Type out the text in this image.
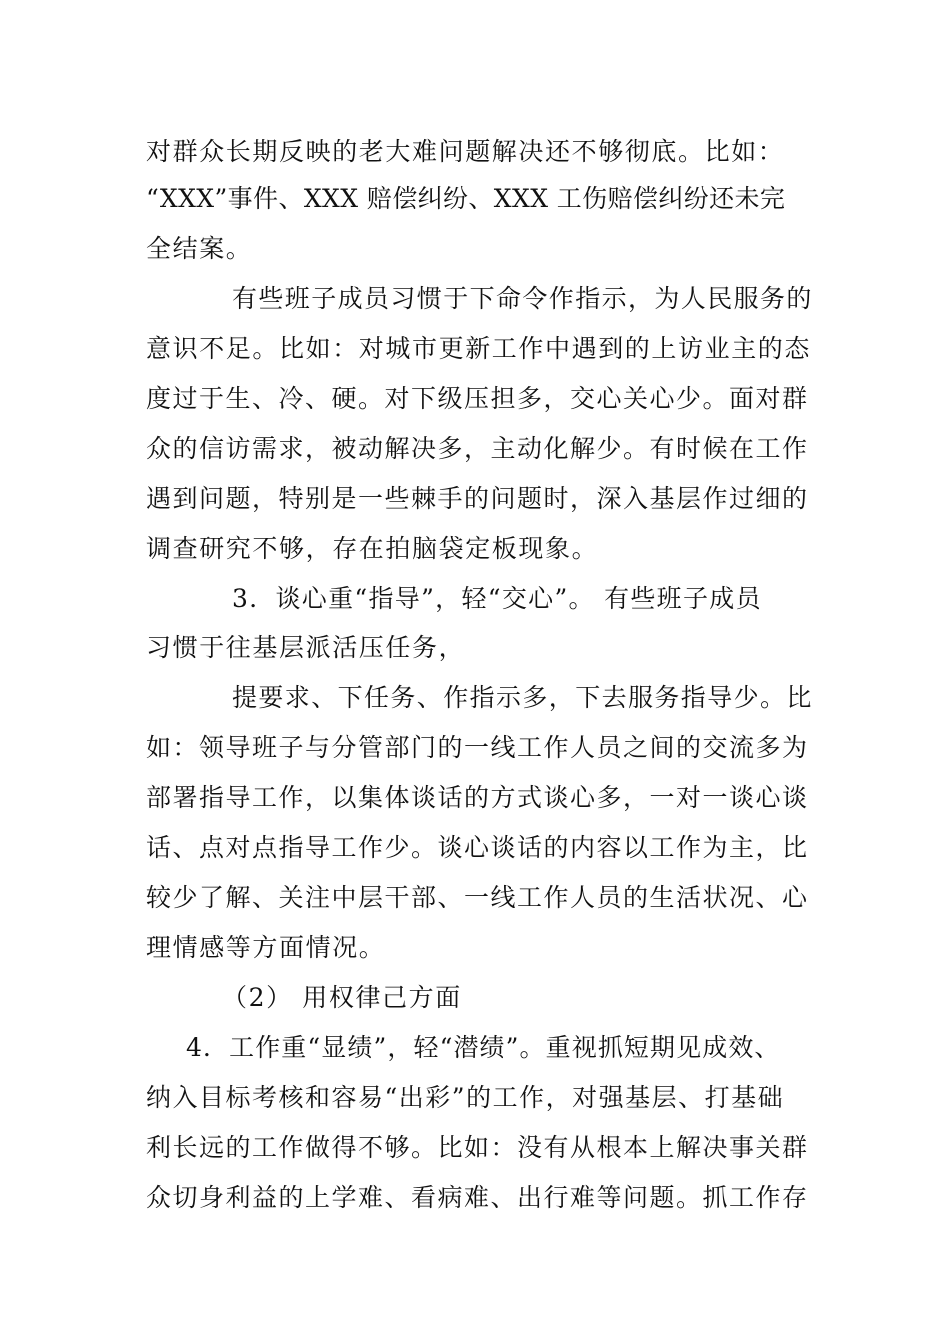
对群众长期反映的老大难问题解决还不够彻底。比如：
“XXX”事件、XXX 赔偿纠纷、XXX 工伤赔偿纠纷还未完
全结案。
有些班子成员习惯于下命令作指示，为人民服务的
意识不足。比如：对城市更新工作中遇到的上访业主的态
度过于生、冷、硬。对下级压担多，交心关心少。面对群
众的信访需求，被动解决多，主动化解少。有时候在工作
遇到问题，特别是一些棘手的问题时，深入基层作过细的
调查研究不够，存在拍脑袋定板现象。
3．谈心重“指导”，轻“交心”。 有些班子成员
习惯于往基层派活压任务，
提要求、下任务、作指示多，下去服务指导少。比
如：领导班子与分管部门的一线工作人员之间的交流多为
部署指导工作，以集体谈话的方式谈心多，一对一谈心谈
话、点对点指导工作少。谈心谈话的内容以工作为主，比
较少了解、关注中层干部、一线工作人员的生活状况、心
理情感等方面情况。
（2） 用权律己方面
4．工作重“显绩”，轻“潜绩”。重视抓短期见成效、
纳入目标考核和容易“出彩”的工作，对强基层、打基础
利长远的工作做得不够。比如：没有从根本上解决事关群
众切身利益的上学难、看病难、出行难等问题。抓工作存
